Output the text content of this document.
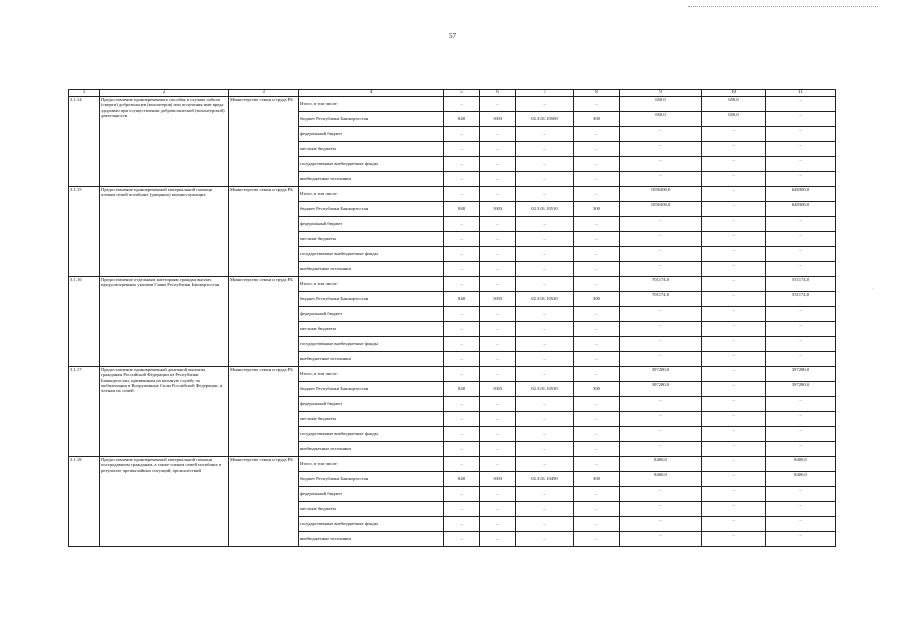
57
.
1	2	3	4	5	6	7	8	9	10	11
3.1.14	Предоставление единовременного пособия в случаях гибели (смерти) добровольцев (волонтеров) или получения ими вреда здоровью при осуществлении добровольческой (волонтерской) деятельности	Министерство семьи и труда РБ	Итого, в том числе:	–	–	–	–	650,0	650,0	–
			бюджет Республики Башкортостан	848	1003	02.3.01.10500	300	650,0	650,0	–
			федеральный бюджет	–	–	–	–	–	–	–
			местные бюджеты	–	–	–	–	–	–	–
			государственные внебюджетные фонды	–	–	–	–	–	–	–
			внебюджетные источники	–	–	–	–	–	–	–
3.1.15	Предоставление единовременной материальной помощи членам семей погибших (умерших) военнослужащих	Министерство семьи и труда РБ	Итого, в том числе:	–	–	–	–	1056300,0	–	648300,0
			бюджет Республики Башкортостан	848	1003	02.3.01.10510	300	1056300,0	–	648300,0
			федеральный бюджет	–	–	–	–	–	–	–
			местные бюджеты	–	–	–	–	–	–	–
			государственные внебюджетные фонды	–	–	–	–	–	–	–
			внебюджетные источники	–	–	–	–	–	–	–
3.1.16	Предоставление отдельным категориям граждан выплат, предусмотренных указами Главы Республики Башкортостан	Министерство семьи и труда РБ	Итого, в том числе:	–	–	–	–	701174,0	–	551174,0
			бюджет Республики Башкортостан	848	1003	02.3.01.10520	300	701174,0	–	551174,0
			федеральный бюджет	–	–	–	–	–	–	–
			местные бюджеты	–	–	–	–	–	–	–
			государственные внебюджетные фонды	–	–	–	–	–	–	–
			внебюджетные источники	–	–	–	–	–	–	–
3.1.17	Предоставление единовременной денежной выплаты гражданам Российской Федерации из Республики Башкортостан, призванным на военную службу по мобилизации в Вооруженные Силы Российской Федерации, и членам их семей	Министерство семьи и труда РБ	Итого, в том числе:	–	–	–	–	397280,0	–	397280,0
			бюджет Республики Башкортостан	848	1003	02.3.01.10530	300	397280,0	–	397280,0
			федеральный бюджет	–	–	–	–	–	–	–
			местные бюджеты	–	–	–	–	–	–	–
			государственные внебюджетные фонды	–	–	–	–	–	–	–
			внебюджетные источники	–	–	–	–	–	–	–
3.1.18	Предоставление единовременной материальной помощи пострадавшим гражданам, а также членам семей погибших в результате чрезвычайных ситуаций, происшествий	Министерство семьи и труда РБ	Итого, в том числе:	–	–	–	–	8400,0	–	8400,0
			бюджет Республики Башкортостан	848	1003	02.3.01.10490	300	8400,0	–	8400,0
			федеральный бюджет	–	–	–	–	–	–	–
			местные бюджеты	–	–	–	–	–	–	–
			государственные внебюджетные фонды	–	–	–	–	–	–	–
			внебюджетные источники	–	–	–	–	–	–	–
